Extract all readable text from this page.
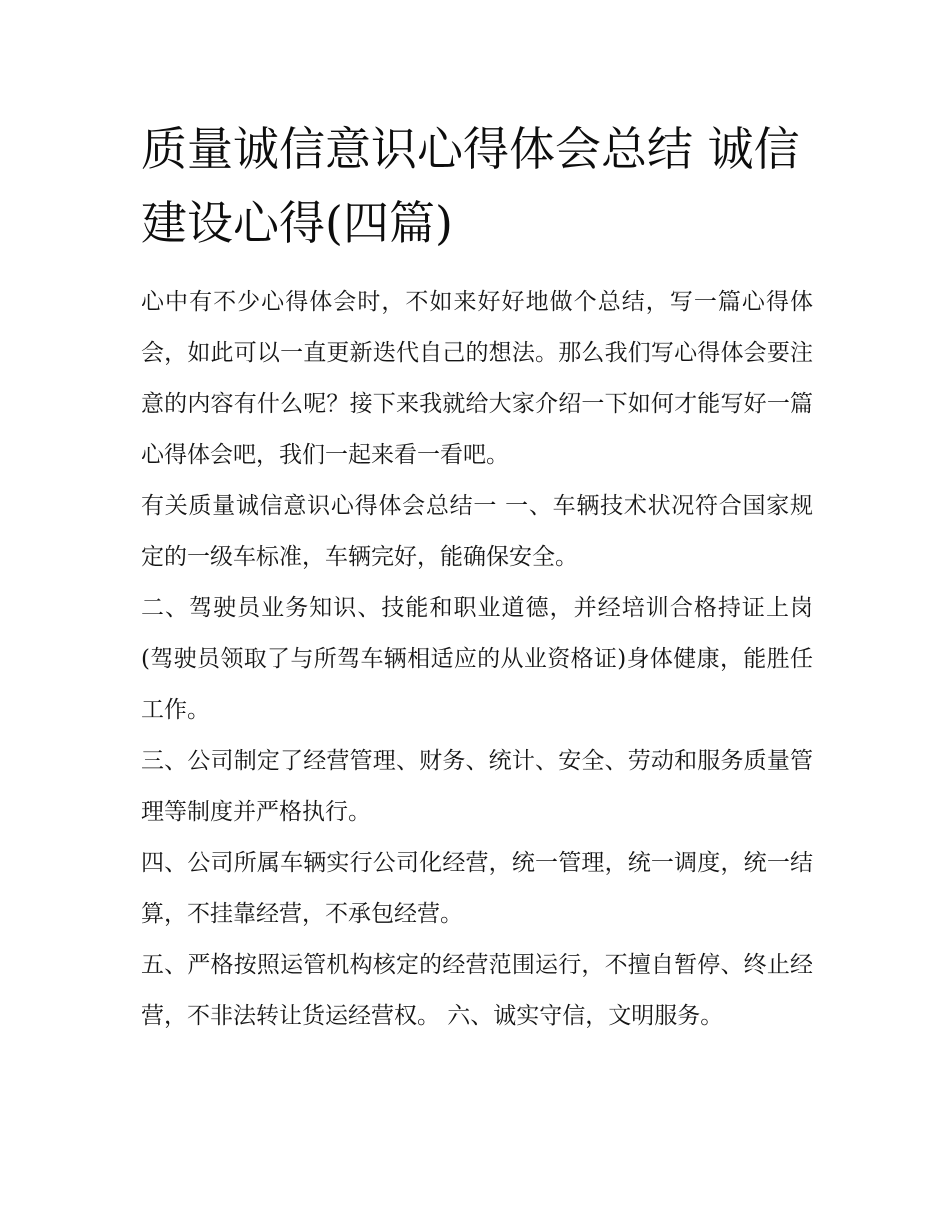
质量诚信意识心得体会总结 诚信建设心得(四篇)

心中有不少心得体会时，不如来好好地做个总结，写一篇心得体会，如此可以一直更新迭代自己的想法。那么我们写心得体会要注意的内容有什么呢？接下来我就给大家介绍一下如何才能写好一篇心得体会吧，我们一起来看一看吧。

有关质量诚信意识心得体会总结一 一、车辆技术状况符合国家规定的一级车标准，车辆完好，能确保安全。

二、驾驶员业务知识、技能和职业道德，并经培训合格持证上岗(驾驶员领取了与所驾车辆相适应的从业资格证)身体健康，能胜任工作。

三、公司制定了经营管理、财务、统计、安全、劳动和服务质量管理等制度并严格执行。

四、公司所属车辆实行公司化经营，统一管理，统一调度，统一结算，不挂靠经营，不承包经营。

五、严格按照运管机构核定的经营范围运行，不擅自暂停、终止经营，不非法转让货运经营权。 六、诚实守信，文明服务。
